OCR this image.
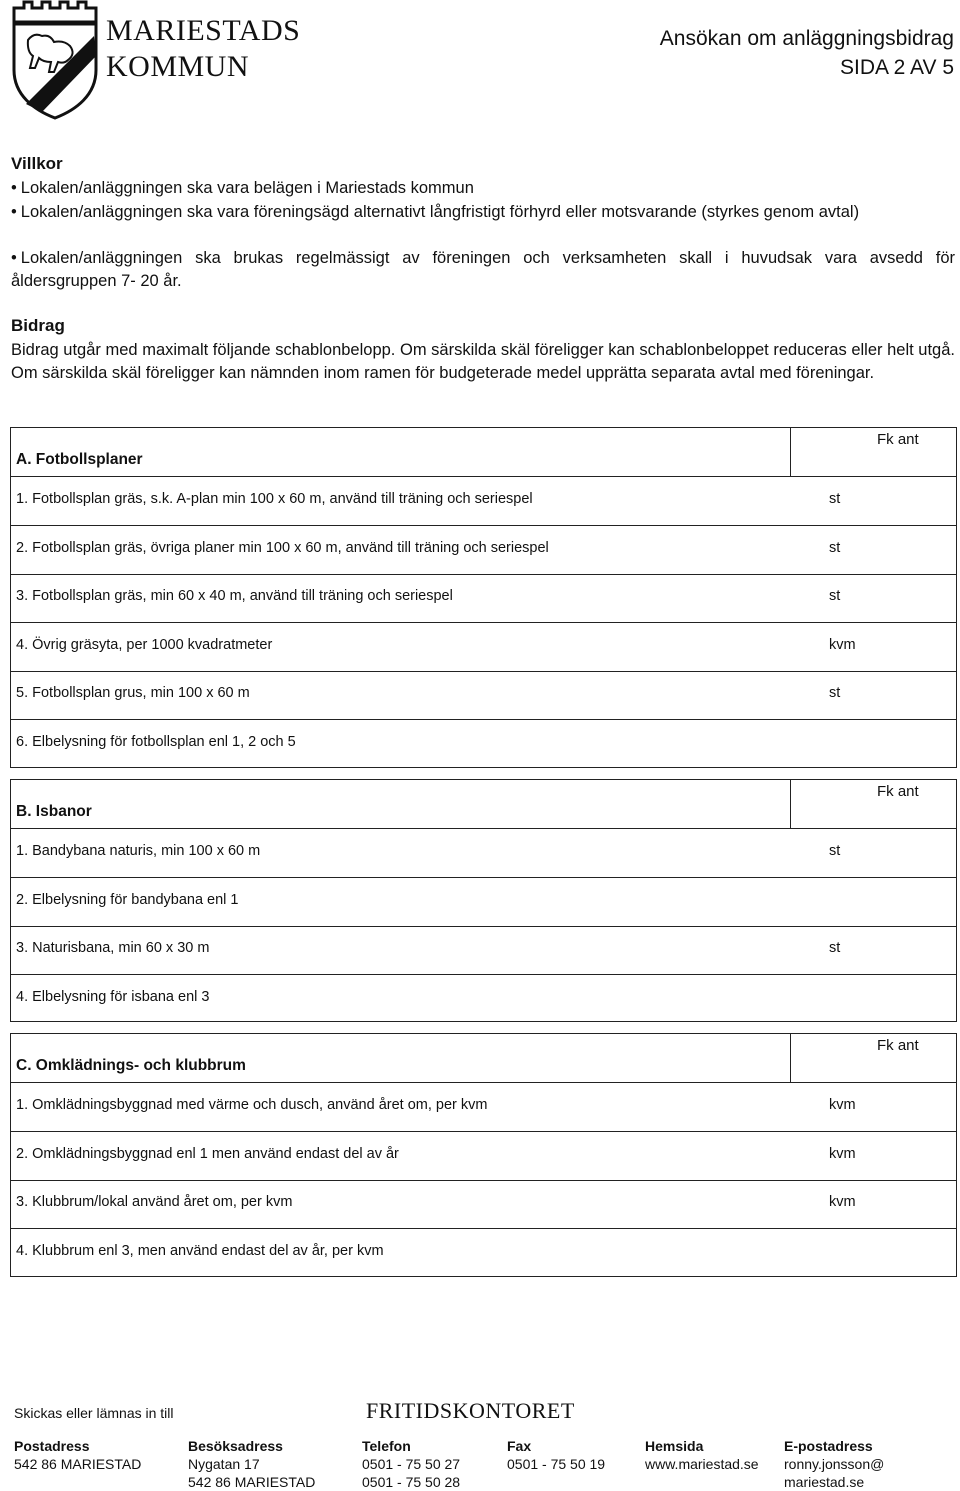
MARIESTADS
KOMMUN
Ansökan om anläggningsbidrag
SIDA 2 AV 5
Villkor
• Lokalen/anläggningen ska vara belägen i Mariestads kommun
• Lokalen/anläggningen ska vara föreningsägd alternativt långfristigt förhyrd eller motsvarande (styrkes genom avtal)
• Lokalen/anläggningen ska brukas regelmässigt av föreningen och verksamheten skall i huvudsak vara avsedd för åldersgruppen 7- 20 år.
Bidrag
Bidrag utgår med maximalt följande schablonbelopp. Om särskilda skäl föreligger kan schablonbeloppet reduceras eller helt utgå. Om särskilda skäl föreligger kan nämnden inom ramen för budgeterade medel upprätta separata avtal med föreningar.
A. Fotbollsplaner
Fk ant
1. Fotbollsplan gräs, s.k. A-plan min 100 x 60 m, använd till träning och seriespel	st
2. Fotbollsplan gräs, övriga planer min 100 x 60 m, använd till träning och seriespel	st
3. Fotbollsplan gräs, min 60 x 40 m, använd till träning och seriespel	st
4. Övrig gräsyta, per 1000 kvadratmeter	kvm
5. Fotbollsplan grus, min 100 x 60 m	st
6. Elbelysning för fotbollsplan enl 1, 2 och 5
B. Isbanor
Fk ant
1. Bandybana naturis, min 100 x 60 m	st
2. Elbelysning för bandybana enl 1
3. Naturisbana, min 60 x 30 m	st
4. Elbelysning för isbana enl 3
C. Omklädnings- och klubbrum
Fk ant
1. Omklädningsbyggnad med värme och dusch, använd året om, per kvm	kvm
2. Omklädningsbyggnad enl 1 men använd endast del av år	kvm
3. Klubbrum/lokal använd året om, per kvm	kvm
4. Klubbrum enl 3, men använd endast del av år, per kvm
Skickas eller lämnas in till	FRITIDSKONTORET
Postadress
542 86 MARIESTAD
Besöksadress
Nygatan 17
542 86 MARIESTAD
Telefon
0501 - 75 50 27
0501 - 75 50 28
Fax
0501 - 75 50 19
Hemsida
www.mariestad.se
E-postadress
ronny.jonsson@
mariestad.se
